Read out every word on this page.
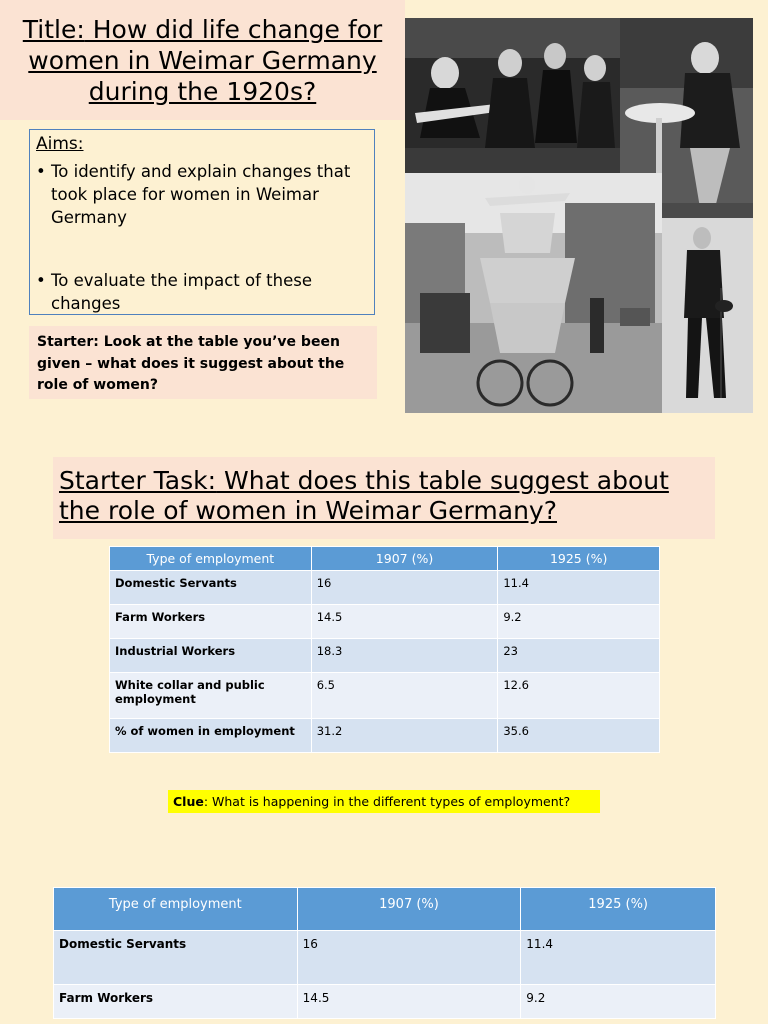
Title: How did life change for women in Weimar Germany during the 1920s?
Aims:
• To identify and explain changes that took place for women in Weimar Germany
• To evaluate the impact of these changes

Starter: Look at the table you’ve been given – what does it suggest about the role of women?

Starter Task: What does this table suggest about the role of women in Weimar Germany?
Type of employment	1907 (%)	1925 (%)
Domestic Servants	16	11.4
Farm Workers	14.5	9.2
Industrial Workers	18.3	23
White collar and public employment	6.5	12.6
% of women in employment	31.2	35.6
Clue: What is happening in the different types of employment?
Type of employment	1907 (%)	1925 (%)
Domestic Servants	16	11.4
Farm Workers	14.5	9.2
